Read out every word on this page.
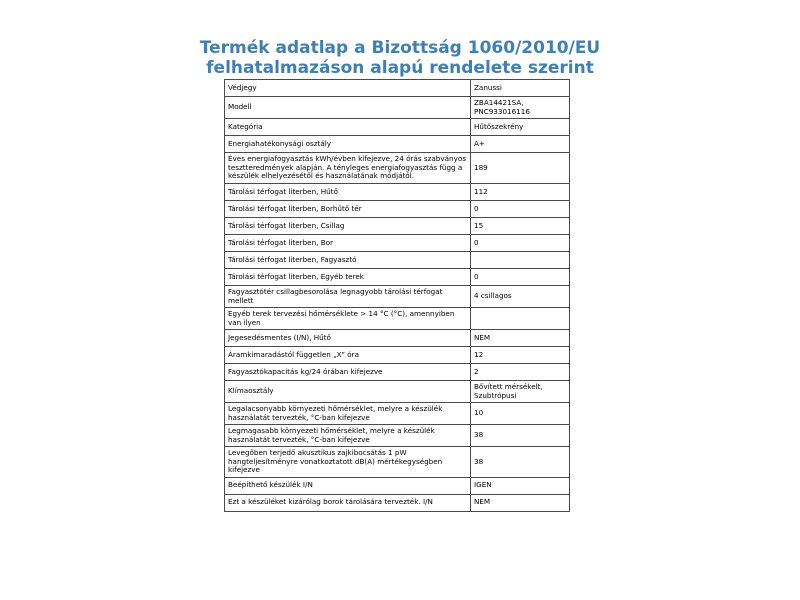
Termék adatlap a Bizottság 1060/2010/EU
felhatalmazáson alapú rendelete szerint
Védjegy	Zanussi
Modell	ZBA14421SA, PNC933016116
Kategória	Hűtőszekrény
Energiahatékonysági osztály	A+
Éves energiafogyasztás kWh/évben kifejezve, 24 órás szabványos tesztteredmények alapján. A tényleges energiafogyasztás függ a készülék elhelyezésétől és használatának módjától.	189
Tárolási térfogat literben, Hűtő	112
Tárolási térfogat literben, Borhűtő tér	0
Tárolási térfogat literben, Csillag	15
Tárolási térfogat literben, Bor	0
Tárolási térfogat literben, Fagyasztó	
Tárolási térfogat literben, Egyéb terek	0
Fagyasztótér csillagbesorolása legnagyobb tárolási térfogat mellett	4 csillagos
Egyéb terek tervezési hőmérséklete > 14 °C (°C), amennyiben van ilyen	
Jegesedésmentes (I/N), Hűtő	NEM
Áramkimaradástól független „X” óra	12
Fagyasztókapacitás kg/24 órában kifejezve	2
Klímaosztály	Bővített mérsékelt, Szubtrópusi
Legalacsonyabb környezeti hőmérséklet, melyre a készülék használatát tervezték, °C-ban kifejezve	10
Legmagasabb környezeti hőmérséklet, melyre a készülék használatát tervezték, °C-ban kifejezve	38
Levegőben terjedő akusztikus zajkibocsátás 1 pW hangteljesítményre vonatkoztatott dB(A) mértékegységben kifejezve	38
Beépíthető készülék I/N	IGEN
Ezt a készüléket kizárólag borok tárolására tervezték. I/N	NEM
